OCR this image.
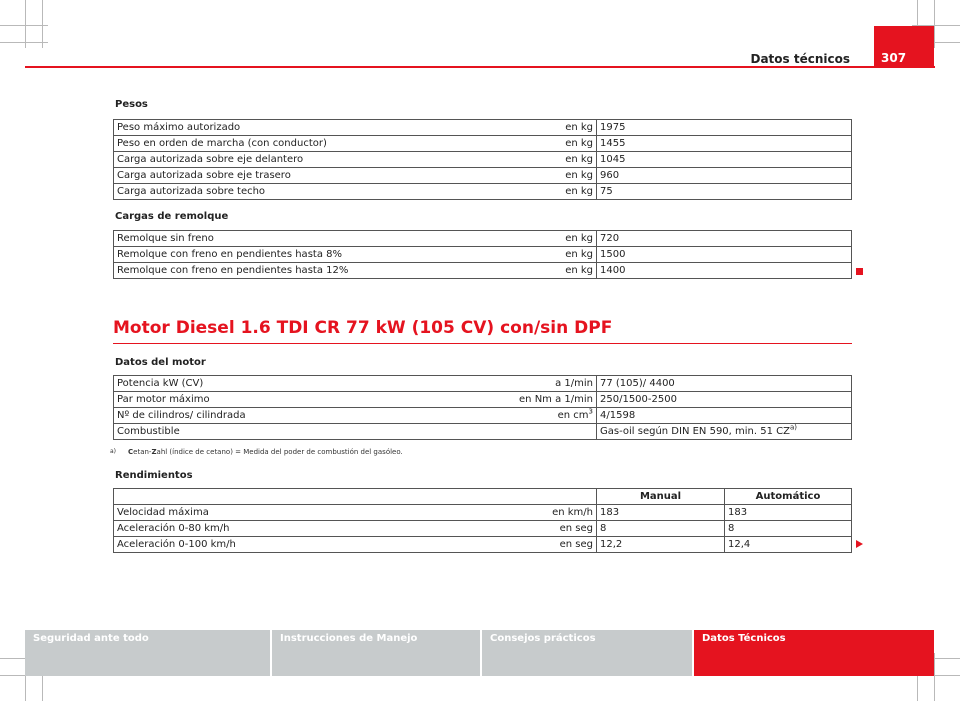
Datos técnicos	307
Pesos
Peso máximo autorizado	en kg	1975
Peso en orden de marcha (con conductor)	en kg	1455
Carga autorizada sobre eje delantero	en kg	1045
Carga autorizada sobre eje trasero	en kg	960
Carga autorizada sobre techo	en kg	75
Cargas de remolque
Remolque sin freno	en kg	720
Remolque con freno en pendientes hasta 8%	en kg	1500
Remolque con freno en pendientes hasta 12%	en kg	1400
Motor Diesel 1.6 TDI CR 77 kW (105 CV) con/sin DPF
Datos del motor
Potencia kW (CV)	a 1/min	77 (105)/ 4400
Par motor máximo	en Nm a 1/min	250/1500-2500
Nº de cilindros/ cilindrada	en $cm^3$	4/1598
Combustible		Gas-oil según DIN EN 590, min. 51 CZ$^{a)}$
a) Cetan-Zahl (índice de cetano) = Medida del poder de combustión del gasóleo.
Rendimientos
		Manual	Automático
Velocidad máxima	en km/h	183	183
Aceleración 0-80 km/h	en seg	8	8
Aceleración 0-100 km/h	en seg	12,2	12,4
Seguridad ante todo	Instrucciones de Manejo	Consejos prácticos	Datos Técnicos
